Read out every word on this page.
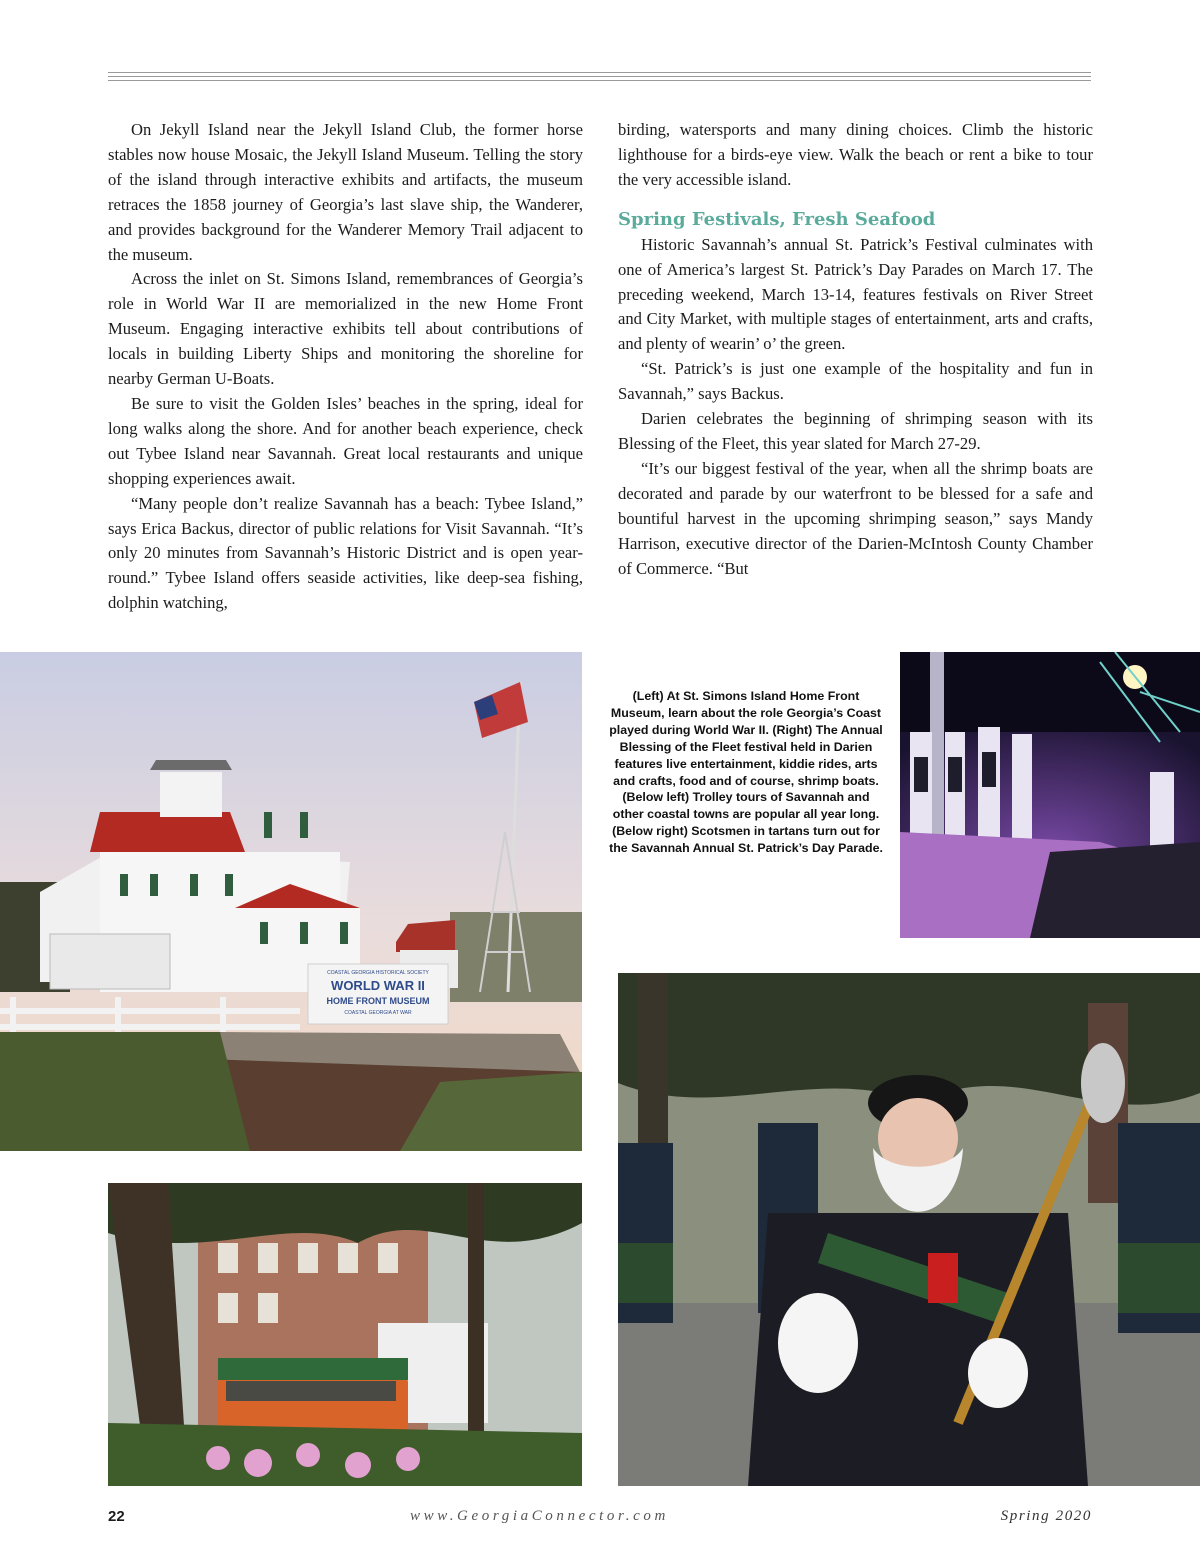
On Jekyll Island near the Jekyll Island Club, the former horse stables now house Mosaic, the Jekyll Island Museum. Telling the story of the island through interactive exhibits and artifacts, the museum retraces the 1858 journey of Georgia’s last slave ship, the Wanderer, and provides background for the Wanderer Memory Trail adjacent to the museum.

Across the inlet on St. Simons Island, remembrances of Georgia’s role in World War II are memorialized in the new Home Front Museum. Engaging interactive exhibits tell about contributions of locals in building Liberty Ships and monitoring the shoreline for nearby German U-Boats.

Be sure to visit the Golden Isles’ beaches in the spring, ideal for long walks along the shore. And for another beach experience, check out Tybee Island near Savannah. Great local restaurants and unique shopping experiences await.

“Many people don’t realize Savannah has a beach: Tybee Island,” says Erica Backus, director of public relations for Visit Savannah. “It’s only 20 minutes from Savannah’s Historic District and is open year-round.” Tybee Island offers seaside activities, like deep-sea fishing, dolphin watching,

birding, watersports and many dining choices. Climb the historic lighthouse for a birds-eye view. Walk the beach or rent a bike to tour the very accessible island.

Spring Festivals, Fresh Seafood

Historic Savannah’s annual St. Patrick’s Festival culminates with one of America’s largest St. Patrick’s Day Parades on March 17. The preceding weekend, March 13-14, features festivals on River Street and City Market, with multiple stages of entertainment, arts and crafts, and plenty of wearin’ o’ the green.

“St. Patrick’s is just one example of the hospitality and fun in Savannah,” says Backus.

Darien celebrates the beginning of shrimping season with its Blessing of the Fleet, this year slated for March 27-29.

“It’s our biggest festival of the year, when all the shrimp boats are decorated and parade by our waterfront to be blessed for a safe and bountiful harvest in the upcoming shrimping season,” says Mandy Harrison, executive director of the Darien-McIntosh County Chamber of Commerce. “But

COASTAL GEORGIA HISTORICAL SOCIETY
WORLD WAR II
HOME FRONT MUSEUM
COASTAL GEORGIA AT WAR
(Left) At St. Simons Island Home Front Museum, learn about the role Georgia’s Coast played during World War II. (Right) The Annual Blessing of the Fleet festival held in Darien features live entertainment, kiddie rides, arts and crafts, food and of course, shrimp boats. (Below left) Trolley tours of Savannah and other coastal towns are popular all year long. (Below right) Scotsmen in tartans turn out for the Savannah Annual St. Patrick’s Day Parade.
22	www.GeorgiaConnector.com	Spring 2020
